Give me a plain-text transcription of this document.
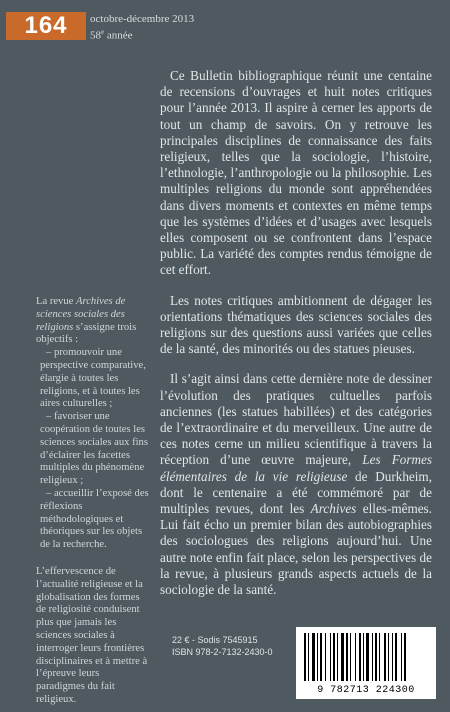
164	octobre-décembre 2013
58e année

Ce Bulletin bibliographique réunit une centaine de recensions d’ouvrages et huit notes critiques pour l’année 2013. Il aspire à cerner les apports de tout un champ de savoirs. On y retrouve les principales disciplines de connaissance des faits religieux, telles que la sociologie, l’histoire, l’ethnologie, l’anthropologie ou la philosophie. Les multiples religions du monde sont appréhendées dans divers moments et contextes en même temps que les systèmes d’idées et d’usages avec lesquels elles composent ou se confrontent dans l’espace public. La variété des comptes rendus témoigne de cet effort.

Les notes critiques ambitionnent de dégager les orientations thématiques des sciences sociales des religions sur des questions aussi variées que celles de la santé, des minorités ou des statues pieuses.

Il s’agit ainsi dans cette dernière note de dessiner l’évolution des pratiques cultuelles parfois anciennes (les statues habillées) et des catégories de l’extraordinaire et du merveilleux. Une autre de ces notes cerne un milieu scientifique à travers la réception d’une œuvre majeure, Les Formes élémentaires de la vie religieuse de Durkheim, dont le centenaire a été commémoré par de multiples revues, dont les Archives elles-mêmes. Lui fait écho un premier bilan des autobiographies des sociologues des religions aujourd’hui. Une autre note enfin fait place, selon les perspectives de la revue, à plusieurs grands aspects actuels de la sociologie de la santé.

La revue Archives de sciences sociales des religions s’assigne trois objectifs :

– promouvoir une perspective comparative, élargie à toutes les religions, et à toutes les aires culturelles ;

– favoriser une coopération de toutes les sciences sociales aux fins d’éclairer les facettes multiples du phénomène religieux ;

– accueillir l’exposé des réflexions méthodologiques et théoriques sur les objets de la recherche.

L’effervescence de l’actualité religieuse et la globalisation des formes de religiosité conduisent plus que jamais les sciences sociales à interroger leurs frontières disciplinaires et à mettre à l’épreuve leurs paradigmes du fait religieux.

22 € - Sodis 7545915
ISBN 978-2-7132-2430-0
9 782713 224300
